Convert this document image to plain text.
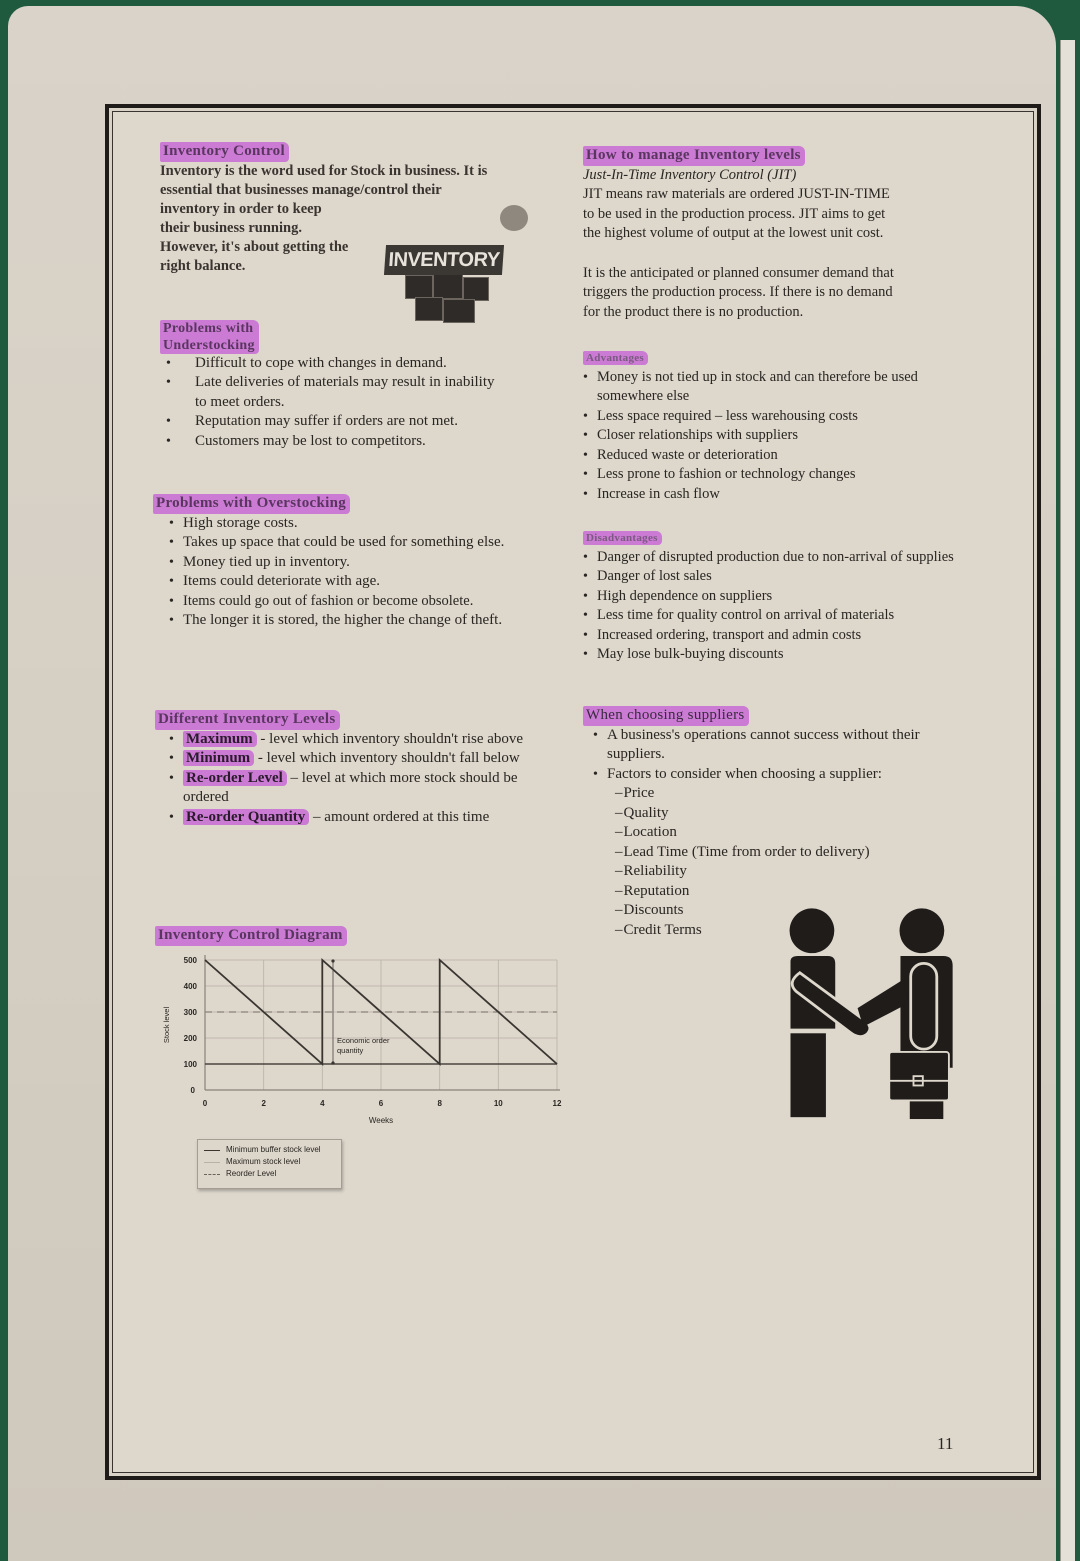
Inventory Control
Inventory is the word used for Stock in business. It is
essential that businesses manage/control their
inventory in order to keep
their business running.
However, it's about getting the
right balance.	INVENTORY
Problems with
Understocking
• Difficult to cope with changes in demand.
• Late deliveries of materials may result in inability to meet orders.
• Reputation may suffer if orders are not met.
• Customers may be lost to competitors.
Problems with Overstocking
• High storage costs.
• Takes up space that could be used for something else.
• Money tied up in inventory.
• Items could deteriorate with age.
• Items could go out of fashion or become obsolete.
• The longer it is stored, the higher the change of theft.
Different Inventory Levels
• Maximum - level which inventory shouldn't rise above
• Minimum - level which inventory shouldn't fall below
• Re-order Level – level at which more stock should be ordered
• Re-order Quantity – amount ordered at this time
Inventory Control Diagram
500
400
300
200
100
0
0	2	4	6	8	10	12
Weeks
Stock level	Economic order
quantity
Minimum buffer stock level
Maximum stock level
Reorder Level
How to manage Inventory levels
Just-In-Time Inventory Control (JIT)
JIT means raw materials are ordered JUST-IN-TIME
to be used in the production process. JIT aims to get
the highest volume of output at the lowest unit cost.
It is the anticipated or planned consumer demand that
triggers the production process. If there is no demand
for the product there is no production.
Advantages
• Money is not tied up in stock and can therefore be used somewhere else
• Less space required – less warehousing costs
• Closer relationships with suppliers
• Reduced waste or deterioration
• Less prone to fashion or technology changes
• Increase in cash flow
Disadvantages
• Danger of disrupted production due to non-arrival of supplies
• Danger of lost sales
• High dependence on suppliers
• Less time for quality control on arrival of materials
• Increased ordering, transport and admin costs
• May lose bulk-buying discounts
When choosing suppliers
• A business's operations cannot success without their suppliers.
• Factors to consider when choosing a supplier:
– Price
– Quality
– Location
– Lead Time (Time from order to delivery)
– Reliability
– Reputation
– Discounts
– Credit Terms
11
